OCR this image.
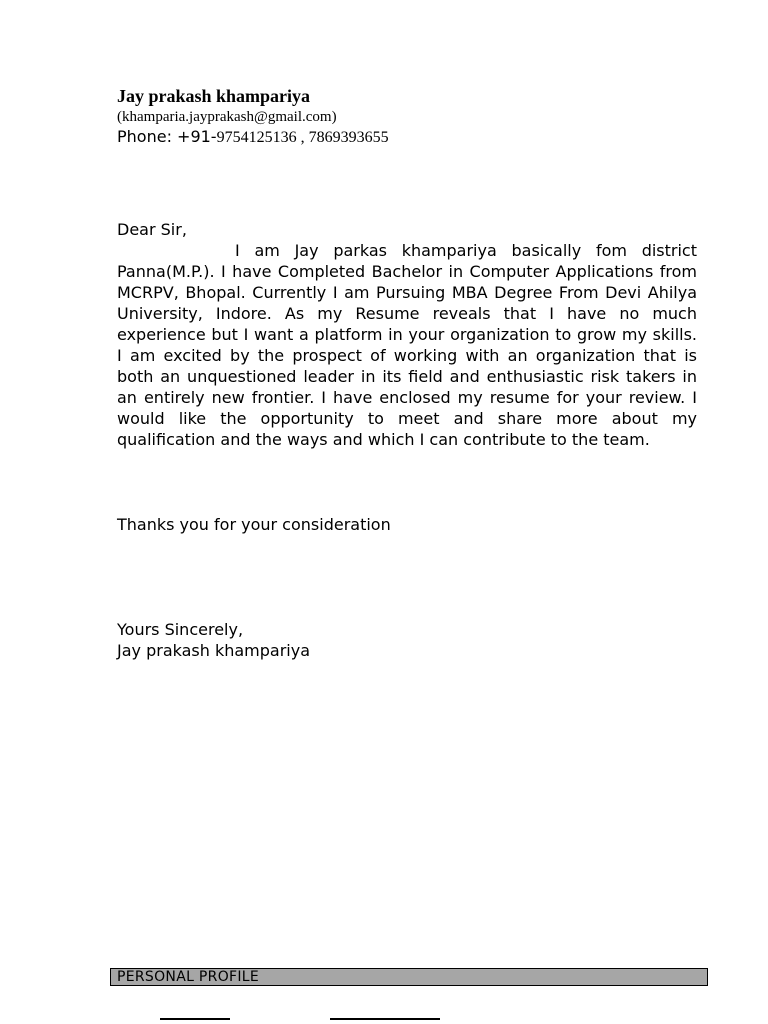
Jay prakash khampariya
(khamparia.jayprakash@gmail.com)
Phone: +91-9754125136 , 7869393655
Dear Sir,

I am Jay parkas khampariya basically fom district Panna(M.P.). I have Completed Bachelor in Computer Applications from MCRPV, Bhopal. Currently I am Pursuing MBA Degree From Devi Ahilya University, Indore. As my Resume reveals that I have no much experience but I want a platform in your organization to grow my skills. I am excited by the prospect of working with an organization that is both an unquestioned leader in its field and enthusiastic risk takers in an entirely new frontier. I have enclosed my resume for your review. I would like the opportunity to meet and share more about my qualification and the ways and which I can contribute to the team.

Thanks you for your consideration
Yours Sincerely,
Jay prakash khampariya
PERSONAL PROFILE
